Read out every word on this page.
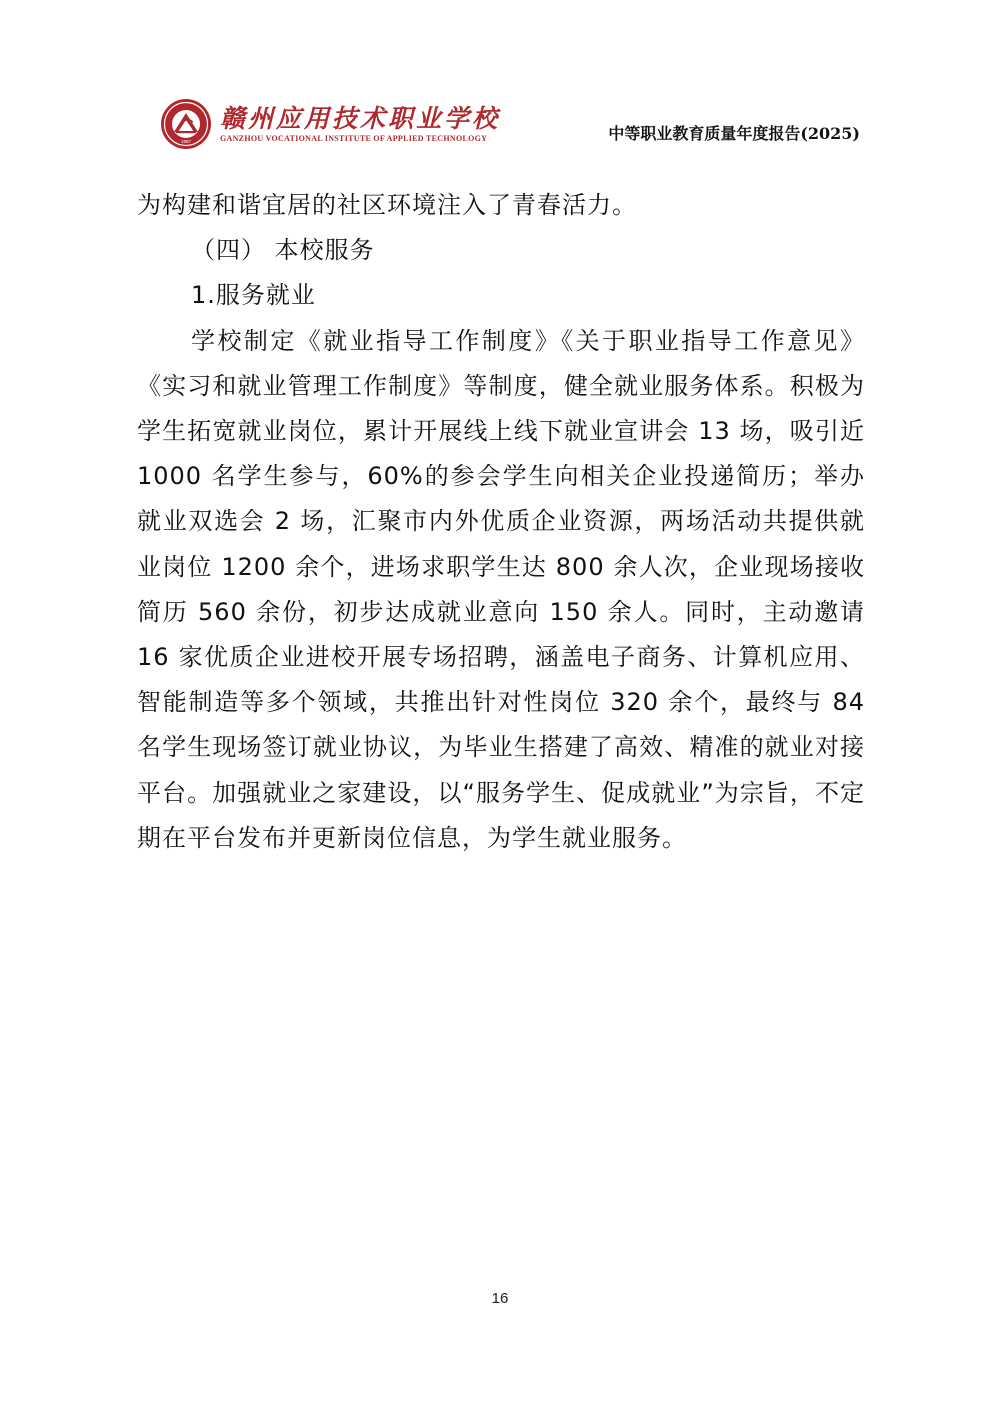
1987
赣州应用技术职业学校
GANZHOU VOCATIONAL INSTITUTE OF APPLIED TECHNOLOGY	中等职业教育质量年度报告(2025)

为构建和谐宜居的社区环境注入了青春活力。

（四） 本校服务

1.服务就业

学校制定《就业指导工作制度》《关于职业指导工作意见》《实习和就业管理工作制度》等制度，健全就业服务体系。积极为学生拓宽就业岗位，累计开展线上线下就业宣讲会 13 场，吸引近 1000 名学生参与，60%的参会学生向相关企业投递简历；举办就业双选会 2 场，汇聚市内外优质企业资源，两场活动共提供就业岗位 1200 余个，进场求职学生达 800 余人次，企业现场接收简历 560 余份，初步达成就业意向 150 余人。同时，主动邀请 16 家优质企业进校开展专场招聘，涵盖电子商务、计算机应用、智能制造等多个领域，共推出针对性岗位 320 余个，最终与 84 名学生现场签订就业协议，为毕业生搭建了高效、精准的就业对接平台。加强就业之家建设，以“服务学生、促成就业”为宗旨，不定期在平台发布并更新岗位信息，为学生就业服务。

16
